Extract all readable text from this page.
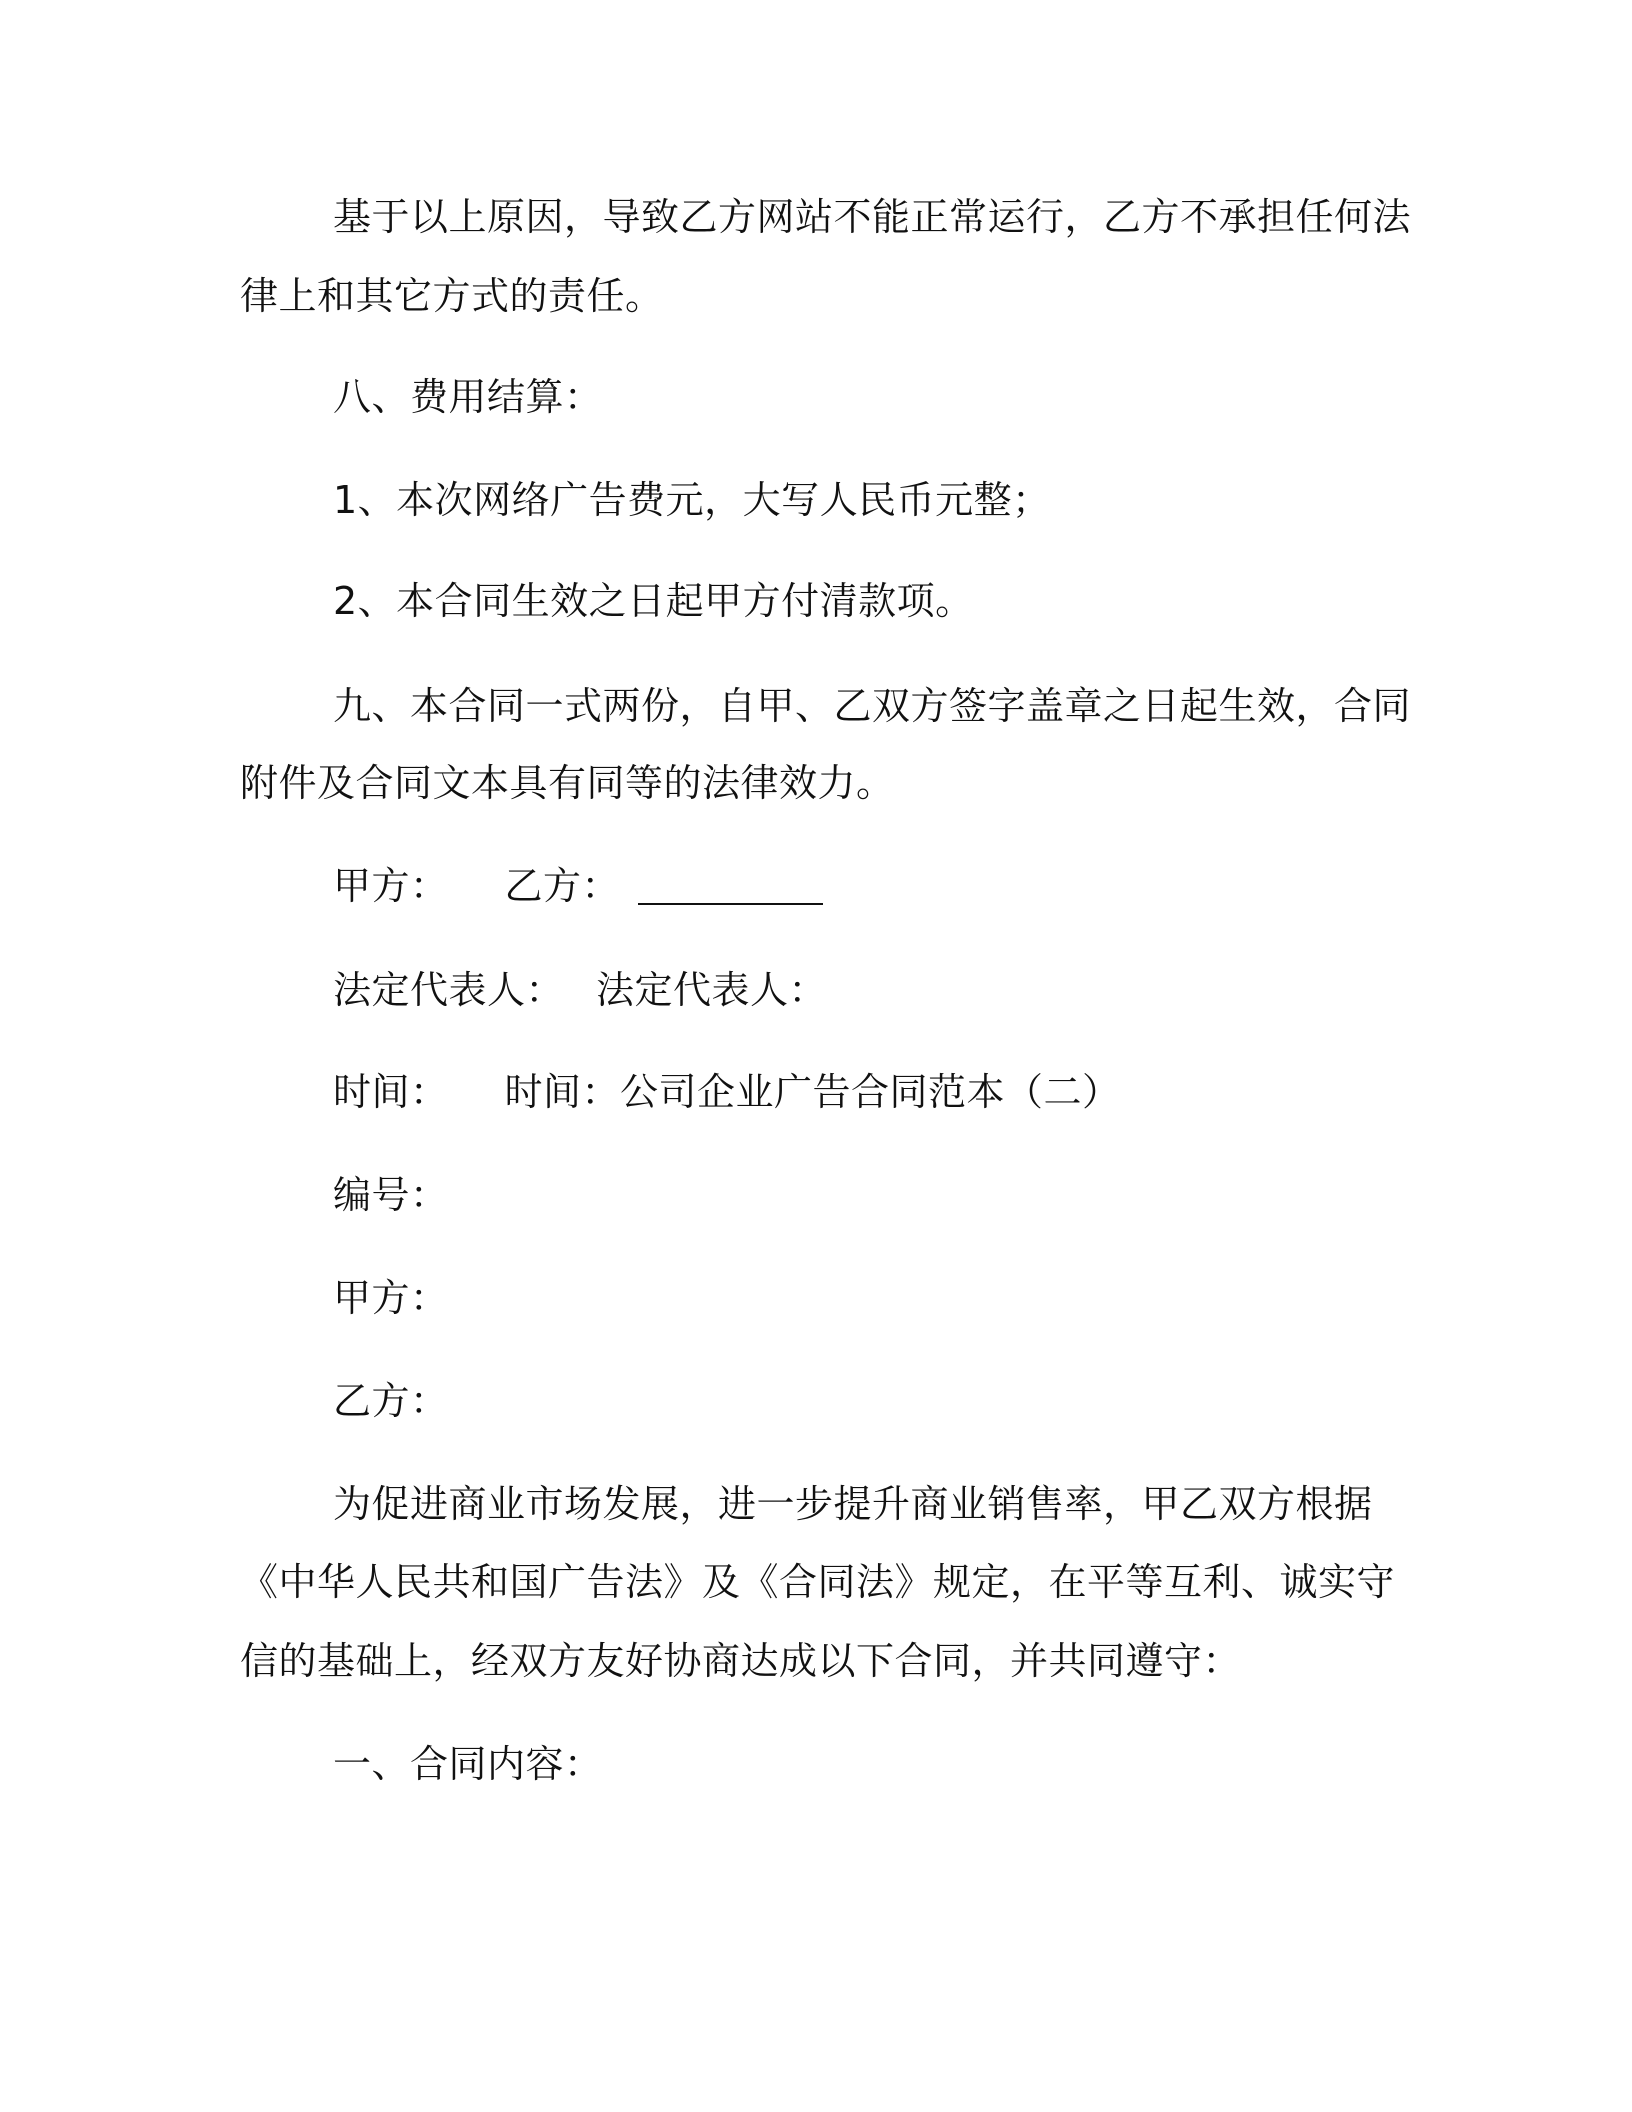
基于以上原因，导致乙方网站不能正常运行，乙方不承担任何法
律上和其它方式的责任。
八、费用结算：
1、本次网络广告费元，大写人民币元整；
2、本合同生效之日起甲方付清款项。
九、本合同一式两份，自甲、乙双方签字盖章之日起生效，合同
附件及合同文本具有同等的法律效力。
甲方： 乙方：
法定代表人： 法定代表人：
时间： 时间：公司企业广告合同范本（二）
编号：
甲方：
乙方：
为促进商业市场发展，进一步提升商业销售率，甲乙双方根据
《中华人民共和国广告法》及《合同法》规定，在平等互利、诚实守
信的基础上，经双方友好协商达成以下合同，并共同遵守：
一、合同内容：
